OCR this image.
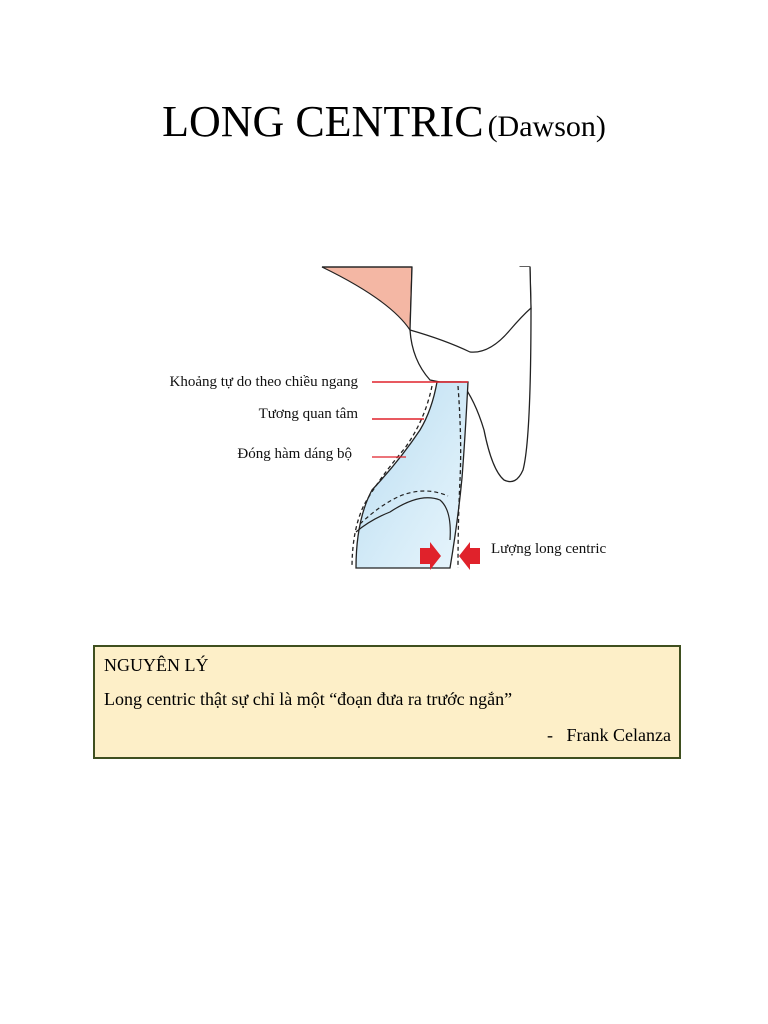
LONG CENTRIC (Dawson)
Khoảng tự do theo chiều ngang
Tương quan tâm
Đóng hàm dáng bộ
Lượng long centric
NGUYÊN LÝ
Long centric thật sự chỉ là một “đoạn đưa ra trước ngắn”
- Frank Celanza
